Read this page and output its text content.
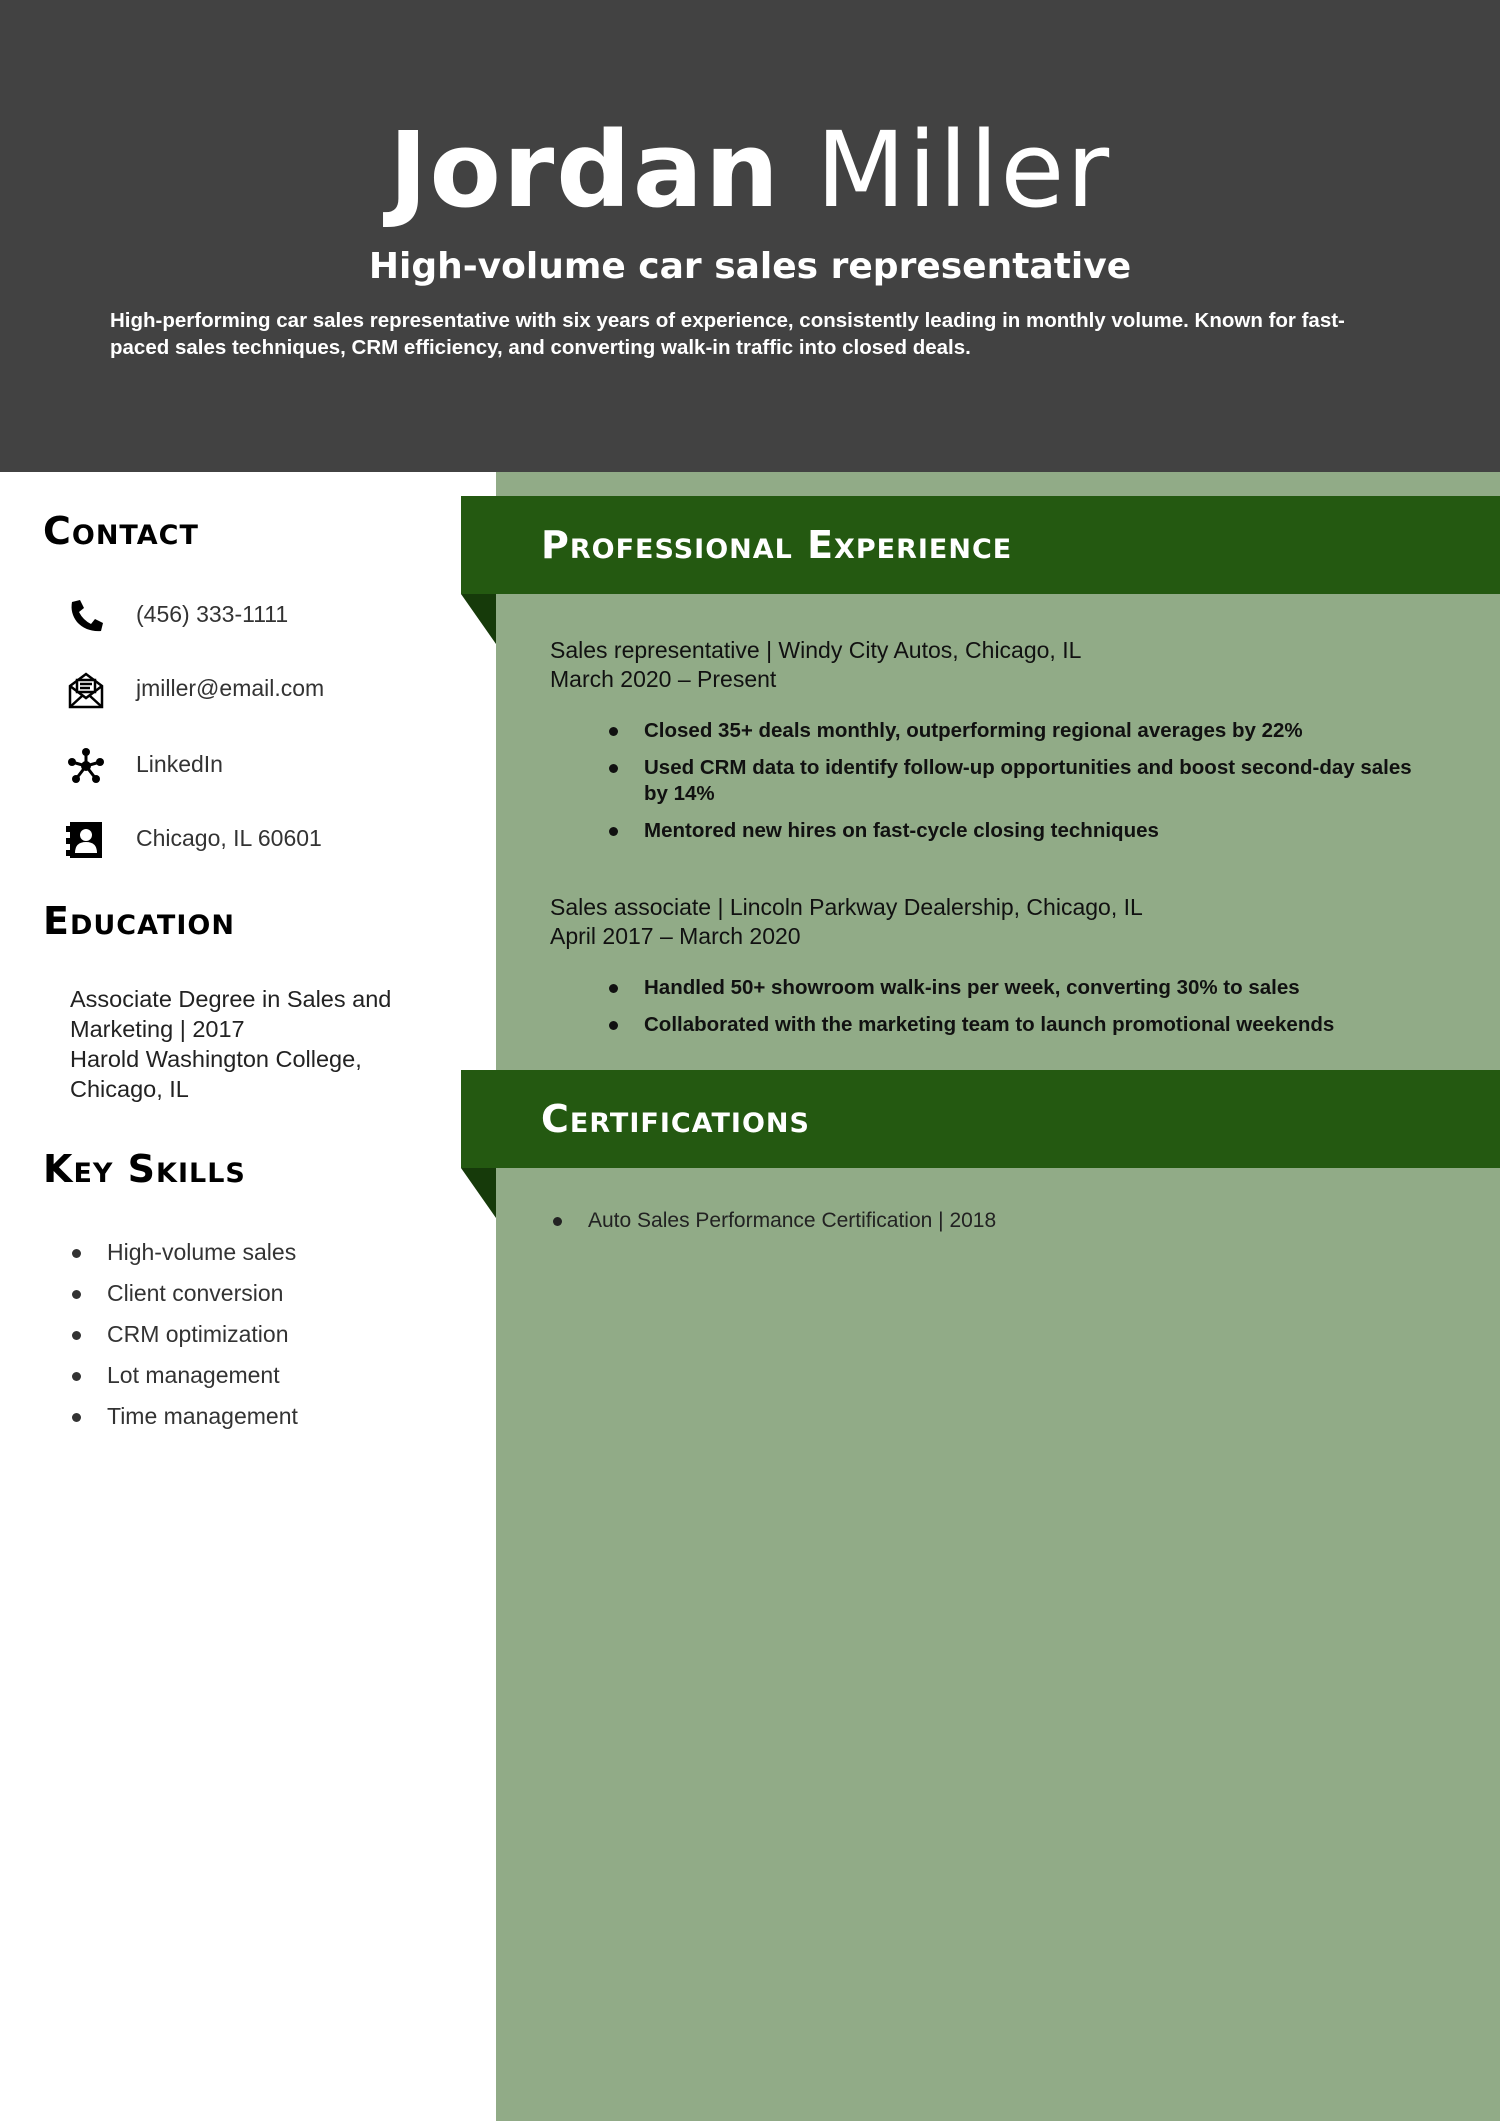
Jordan Miller
High-volume car sales representative
High-performing car sales representative with six years of experience, consistently leading in monthly volume. Known for fast-paced sales techniques, CRM efficiency, and converting walk-in traffic into closed deals.
Contact
(456) 333-1111
jmiller@email.com
LinkedIn
Chicago, IL 60601
Education
Associate Degree in Sales and Marketing | 2017
Harold Washington College, Chicago, IL
Key Skills
High-volume sales
Client conversion
CRM optimization
Lot management
Time management
Professional Experience
Sales representative | Windy City Autos, Chicago, IL
March 2020 – Present
Closed 35+ deals monthly, outperforming regional averages by 22%
Used CRM data to identify follow-up opportunities and boost second-day sales by 14%
Mentored new hires on fast-cycle closing techniques
Sales associate | Lincoln Parkway Dealership, Chicago, IL
April 2017 – March 2020
Handled 50+ showroom walk-ins per week, converting 30% to sales
Collaborated with the marketing team to launch promotional weekends
Certifications
Auto Sales Performance Certification | 2018
